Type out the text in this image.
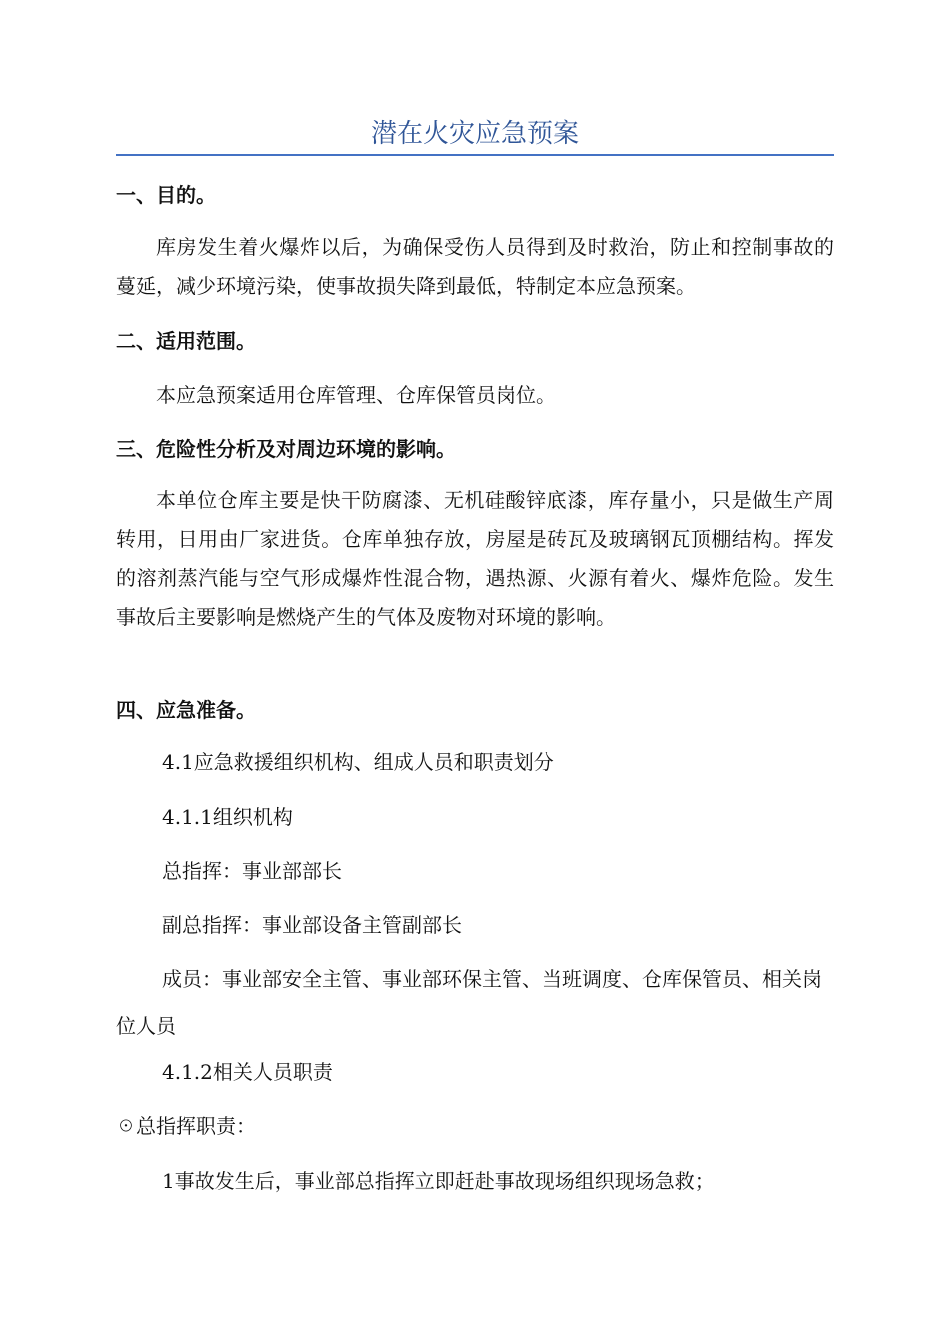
潜在火灾应急预案
一、目的。

库房发生着火爆炸以后，为确保受伤人员得到及时救治，防止和控制事故的蔓延，减少环境污染，使事故损失降到最低，特制定本应急预案。

二、适用范围。

本应急预案适用仓库管理、仓库保管员岗位。

三、危险性分析及对周边环境的影响。

本单位仓库主要是快干防腐漆、无机硅酸锌底漆，库存量小，只是做生产周转用，日用由厂家进货。仓库单独存放，房屋是砖瓦及玻璃钢瓦顶棚结构。挥发的溶剂蒸汽能与空气形成爆炸性混合物，遇热源、火源有着火、爆炸危险。发生事故后主要影响是燃烧产生的气体及废物对环境的影响。

四、应急准备。
4.1应急救援组织机构、组成人员和职责划分
4.1.1组织机构
总指挥：事业部部长
副总指挥：事业部设备主管副部长
成员：事业部安全主管、事业部环保主管、当班调度、仓库保管员、相关岗位人员
4.1.2相关人员职责
☉总指挥职责：
1事故发生后，事业部总指挥立即赶赴事故现场组织现场急救；
